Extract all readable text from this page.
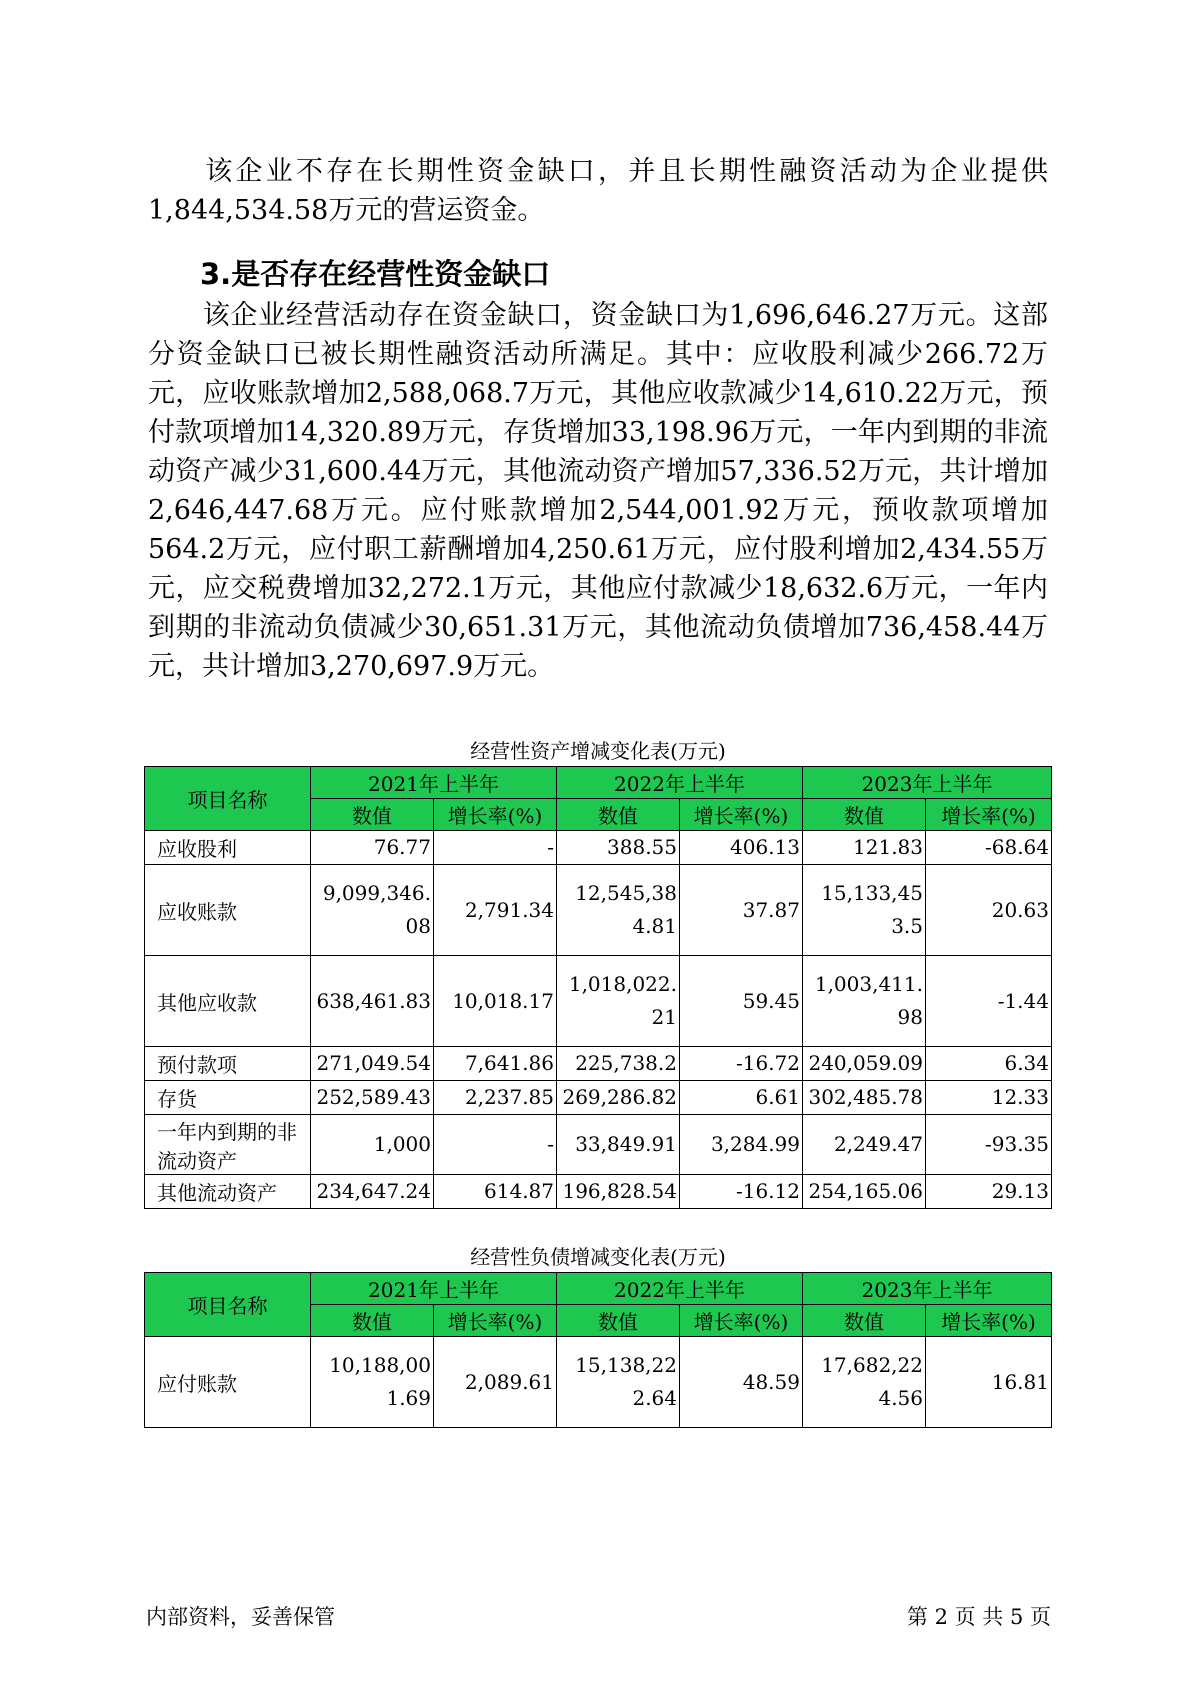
该企业不存在长期性资金缺口，并且长期性融资活动为企业提供1,844,534.58万元的营运资金。

3.是否存在经营性资金缺口

该企业经营活动存在资金缺口，资金缺口为1,696,646.27万元。这部分资金缺口已被长期性融资活动所满足。其中：应收股利减少266.72万元，应收账款增加2,588,068.7万元，其他应收款减少14,610.22万元，预付款项增加14,320.89万元，存货增加33,198.96万元，一年内到期的非流动资产减少31,600.44万元，其他流动资产增加57,336.52万元，共计增加2,646,447.68万元。应付账款增加2,544,001.92万元，预收款项增加564.2万元，应付职工薪酬增加4,250.61万元，应付股利增加2,434.55万元，应交税费增加32,272.1万元，其他应付款减少18,632.6万元，一年内到期的非流动负债减少30,651.31万元，其他流动负债增加736,458.44万元，共计增加3,270,697.9万元。

经营性资产增减变化表(万元)
项目名称	2021年上半年		2022年上半年		2023年上半年	
	数值	增长率(%)	数值	增长率(%)	数值	增长率(%)
应收股利	76.77	-	388.55	406.13	121.83	-68.64
应收账款	9,099,346.08	2,791.34	12,545,384.81	37.87	15,133,453.5	20.63
其他应收款	638,461.83	10,018.17	1,018,022.21	59.45	1,003,411.98	-1.44
预付款项	271,049.54	7,641.86	225,738.2	-16.72	240,059.09	6.34
存货	252,589.43	2,237.85	269,286.82	6.61	302,485.78	12.33
一年内到期的非流动资产	1,000	-	33,849.91	3,284.99	2,249.47	-93.35
其他流动资产	234,647.24	614.87	196,828.54	-16.12	254,165.06	29.13
经营性负债增减变化表(万元)
项目名称	2021年上半年		2022年上半年		2023年上半年	
	数值	增长率(%)	数值	增长率(%)	数值	增长率(%)
应付账款	10,188,001.69	2,089.61	15,138,222.64	48.59	17,682,224.56	16.81
内部资料，妥善保管	第 2 页 共 5 页
